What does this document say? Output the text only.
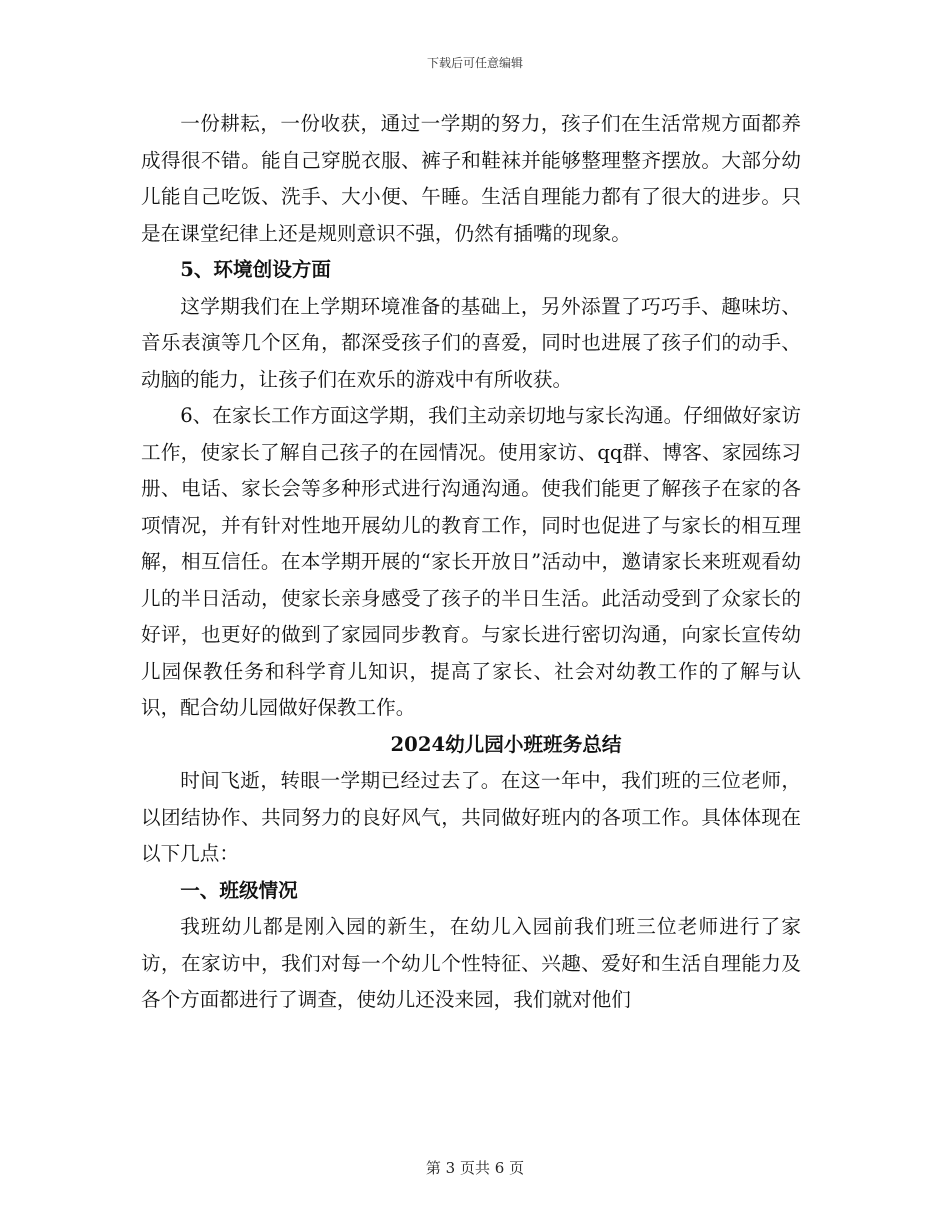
下载后可任意编辑

一份耕耘，一份收获，通过一学期的努力，孩子们在生活常规方面都养成得很不错。能自己穿脱衣服、裤子和鞋袜并能够整理整齐摆放。大部分幼儿能自己吃饭、洗手、大小便、午睡。生活自理能力都有了很大的进步。只是在课堂纪律上还是规则意识不强，仍然有插嘴的现象。

5、环境创设方面

这学期我们在上学期环境准备的基础上，另外添置了巧巧手、趣味坊、音乐表演等几个区角，都深受孩子们的喜爱，同时也进展了孩子们的动手、动脑的能力，让孩子们在欢乐的游戏中有所收获。

6、在家长工作方面这学期，我们主动亲切地与家长沟通。仔细做好家访工作，使家长了解自己孩子的在园情况。使用家访、qq群、博客、家园练习册、电话、家长会等多种形式进行沟通沟通。使我们能更了解孩子在家的各项情况，并有针对性地开展幼儿的教育工作，同时也促进了与家长的相互理解，相互信任。在本学期开展的“家长开放日”活动中，邀请家长来班观看幼儿的半日活动，使家长亲身感受了孩子的半日生活。此活动受到了众家长的好评，也更好的做到了家园同步教育。与家长进行密切沟通，向家长宣传幼儿园保教任务和科学育儿知识，提高了家长、社会对幼教工作的了解与认识，配合幼儿园做好保教工作。

2024幼儿园小班班务总结

时间飞逝，转眼一学期已经过去了。在这一年中，我们班的三位老师，以团结协作、共同努力的良好风气，共同做好班内的各项工作。具体体现在以下几点：

一、班级情况

我班幼儿都是刚入园的新生，在幼儿入园前我们班三位老师进行了家访，在家访中，我们对每一个幼儿个性特征、兴趣、爱好和生活自理能力及各个方面都进行了调查，使幼儿还没来园，我们就对他们

第 3 页共 6 页
